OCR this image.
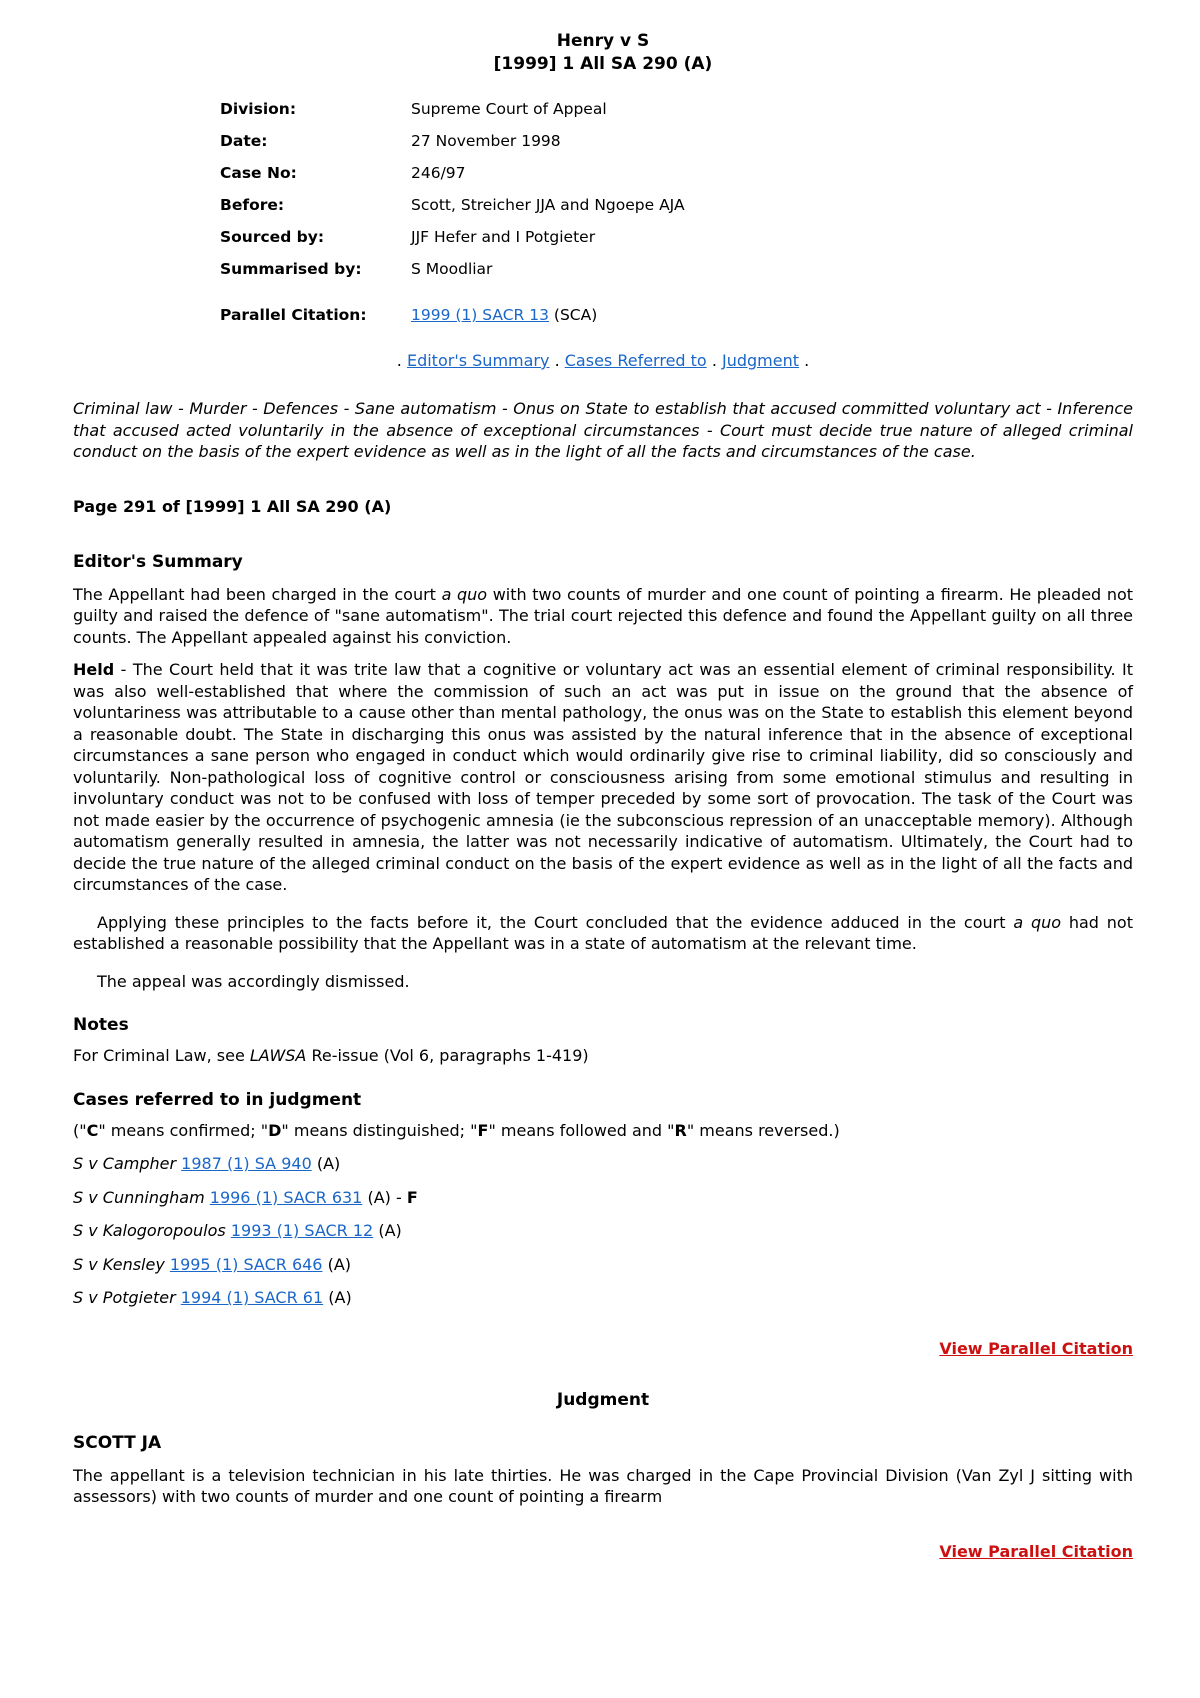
Henry v S
[1999] 1 All SA 290 (A)
Division:	Supreme Court of Appeal
Date:	27 November 1998
Case No:	246/97
Before:	Scott, Streicher JJA and Ngoepe AJA
Sourced by:	JJF Hefer and I Potgieter
Summarised by:	S Moodliar
Parallel Citation:	1999 (1) SACR 13 (SCA)
. Editor's Summary . Cases Referred to . Judgment .
Criminal law - Murder - Defences - Sane automatism - Onus on State to establish that accused committed voluntary act - Inference that accused acted voluntarily in the absence of exceptional circumstances - Court must decide true nature of alleged criminal conduct on the basis of the expert evidence as well as in the light of all the facts and circumstances of the case.
Page 291 of [1999] 1 All SA 290 (A)
Editor's Summary

The Appellant had been charged in the court a quo with two counts of murder and one count of pointing a firearm. He pleaded not guilty and raised the defence of "sane automatism". The trial court rejected this defence and found the Appellant guilty on all three counts. The Appellant appealed against his conviction.

Held - The Court held that it was trite law that a cognitive or voluntary act was an essential element of criminal responsibility. It was also well-established that where the commission of such an act was put in issue on the ground that the absence of voluntariness was attributable to a cause other than mental pathology, the onus was on the State to establish this element beyond a reasonable doubt. The State in discharging this onus was assisted by the natural inference that in the absence of exceptional circumstances a sane person who engaged in conduct which would ordinarily give rise to criminal liability, did so consciously and voluntarily. Non-pathological loss of cognitive control or consciousness arising from some emotional stimulus and resulting in involuntary conduct was not to be confused with loss of temper preceded by some sort of provocation. The task of the Court was not made easier by the occurrence of psychogenic amnesia (ie the subconscious repression of an unacceptable memory). Although automatism generally resulted in amnesia, the latter was not necessarily indicative of automatism. Ultimately, the Court had to decide the true nature of the alleged criminal conduct on the basis of the expert evidence as well as in the light of all the facts and circumstances of the case.

Applying these principles to the facts before it, the Court concluded that the evidence adduced in the court a quo had not established a reasonable possibility that the Appellant was in a state of automatism at the relevant time.

The appeal was accordingly dismissed.

Notes

For Criminal Law, see LAWSA Re-issue (Vol 6, paragraphs 1-419)

Cases referred to in judgment
("C" means confirmed; "D" means distinguished; "F" means followed and "R" means reversed.)
S v Campher 1987 (1) SA 940 (A)
S v Cunningham 1996 (1) SACR 631 (A) - F
S v Kalogoropoulos 1993 (1) SACR 12 (A)
S v Kensley 1995 (1) SACR 646 (A)
S v Potgieter 1994 (1) SACR 61 (A)
View Parallel Citation
Judgment
SCOTT JA

The appellant is a television technician in his late thirties. He was charged in the Cape Provincial Division (Van Zyl J sitting with assessors) with two counts of murder and one count of pointing a firearm

View Parallel Citation
